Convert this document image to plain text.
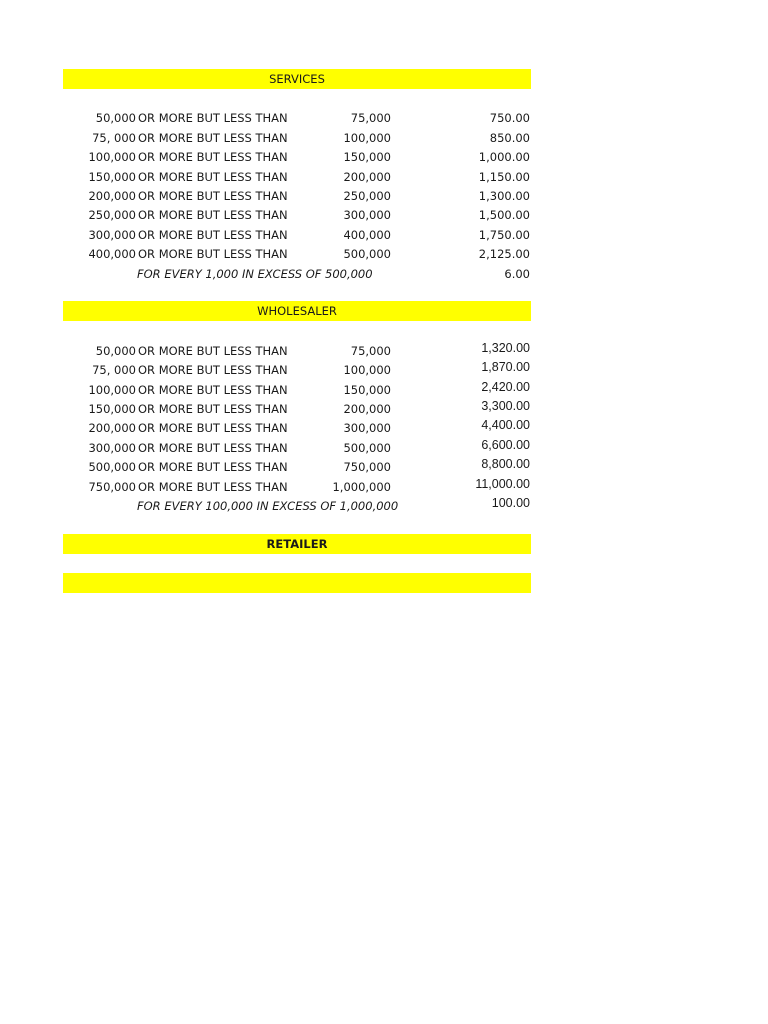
SERVICES
50,000 OR MORE BUT LESS THAN	75,000	750.00
75, 000 OR MORE BUT LESS THAN	100,000	850.00
100,000 OR MORE BUT LESS THAN	150,000	1,000.00
150,000 OR MORE BUT LESS THAN	200,000	1,150.00
200,000 OR MORE BUT LESS THAN	250,000	1,300.00
250,000 OR MORE BUT LESS THAN	300,000	1,500.00
300,000 OR MORE BUT LESS THAN	400,000	1,750.00
400,000 OR MORE BUT LESS THAN	500,000	2,125.00
FOR EVERY 1,000 IN EXCESS OF 500,000	6.00
WHOLESALER
50,000 OR MORE BUT LESS THAN	75,000	1,320.00
75, 000 OR MORE BUT LESS THAN	100,000	1,870.00
100,000 OR MORE BUT LESS THAN	150,000	2,420.00
150,000 OR MORE BUT LESS THAN	200,000	3,300.00
200,000 OR MORE BUT LESS THAN	300,000	4,400.00
300,000 OR MORE BUT LESS THAN	500,000	6,600.00
500,000 OR MORE BUT LESS THAN	750,000	8,800.00
750,000 OR MORE BUT LESS THAN	1,000,000	11,000.00
FOR EVERY 100,000 IN EXCESS OF 1,000,000	100.00
RETAILER
